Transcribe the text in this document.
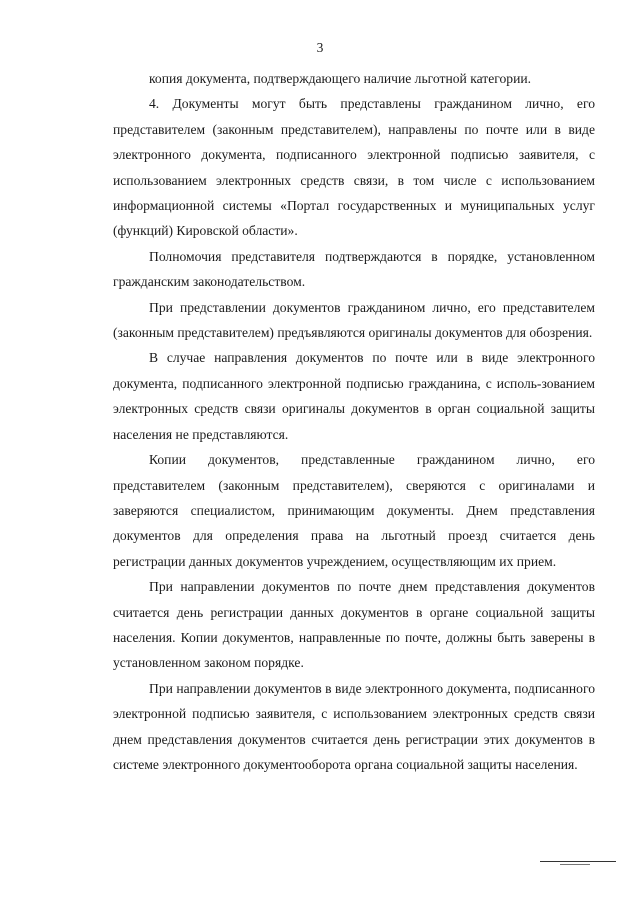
3

копия документа, подтверждающего наличие льготной категории.

4. Документы могут быть представлены гражданином лично, его представителем (законным представителем), направлены по почте или в виде электронного документа, подписанного электронной подписью заявителя, с использованием электронных средств связи, в том числе с использованием информационной системы «Портал государственных и муниципальных услуг (функций) Кировской области».

Полномочия представителя подтверждаются в порядке, установленном гражданским законодательством.

При представлении документов гражданином лично, его представителем (законным представителем) предъявляются оригиналы документов для обозрения.

В случае направления документов по почте или в виде электронного документа, подписанного электронной подписью гражданина, с исполь-зованием электронных средств связи оригиналы документов в орган социальной защиты населения не представляются.

Копии документов, представленные гражданином лично, его представителем (законным представителем), сверяются с оригиналами и заверяются специалистом, принимающим документы. Днем представления документов для определения права на льготный проезд считается день регистрации данных документов учреждением, осуществляющим их прием.

При направлении документов по почте днем представления документов считается день регистрации данных документов в органе социальной защиты населения. Копии документов, направленные по почте, должны быть заверены в установленном законом порядке.

При направлении документов в виде электронного документа, подписанного электронной подписью заявителя, с использованием электронных средств связи днем представления документов считается день регистрации этих документов в системе электронного документооборота органа социальной защиты населения.
